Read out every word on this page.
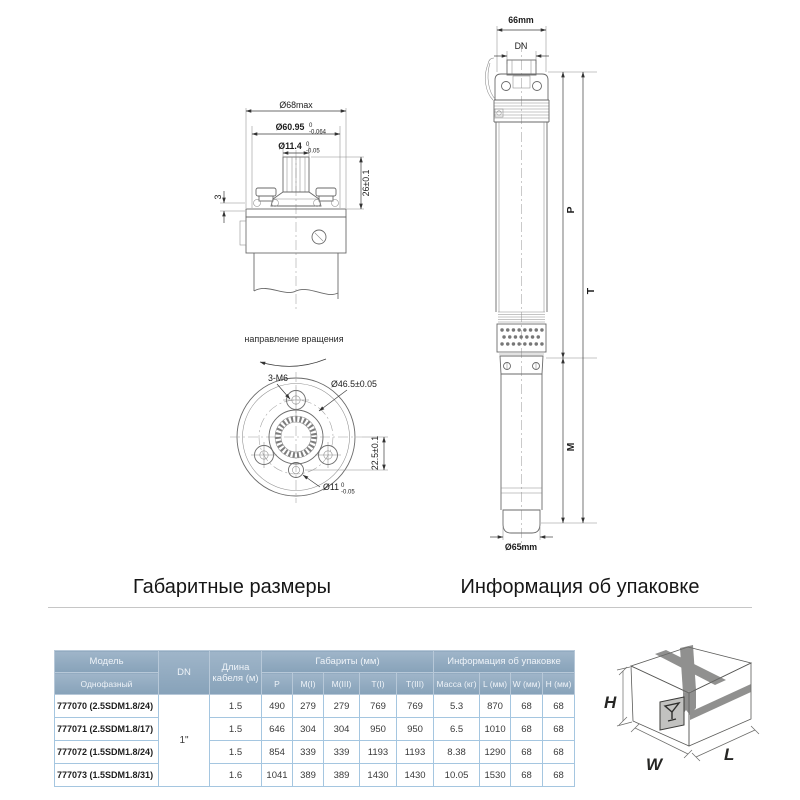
Ø68max
Ø60.95 0
-0.064
Ø11.4 0
-0.05
26±0.1
3
направление вращения
3-M6
Ø46.5±0.05
Ø11 0
-0.05
22.5±0.1
66mm
DN
Ø65mm
P
M
T
Габаритные размеры	Информация об упаковке
Модель	DN	Длина кабеля (м)	Габариты (мм)					Информация об упаковке			
Однофазный			P	M(I)	M(III)	T(I)	T(III)	Масса (кг)	L (мм)	W (мм)	H (мм)
777070 (2.5SDM1.8/24)	1"	1.5	490	279	279	769	769	5.3	870	68	68
777071 (2.5SDM1.8/17)		1.5	646	304	304	950	950	6.5	1010	68	68
777072 (1.5SDM1.8/24)		1.5	854	339	339	1193	1193	8.38	1290	68	68
777073 (1.5SDM1.8/31)		1.6	1041	389	389	1430	1430	10.05	1530	68	68
H
W
L
